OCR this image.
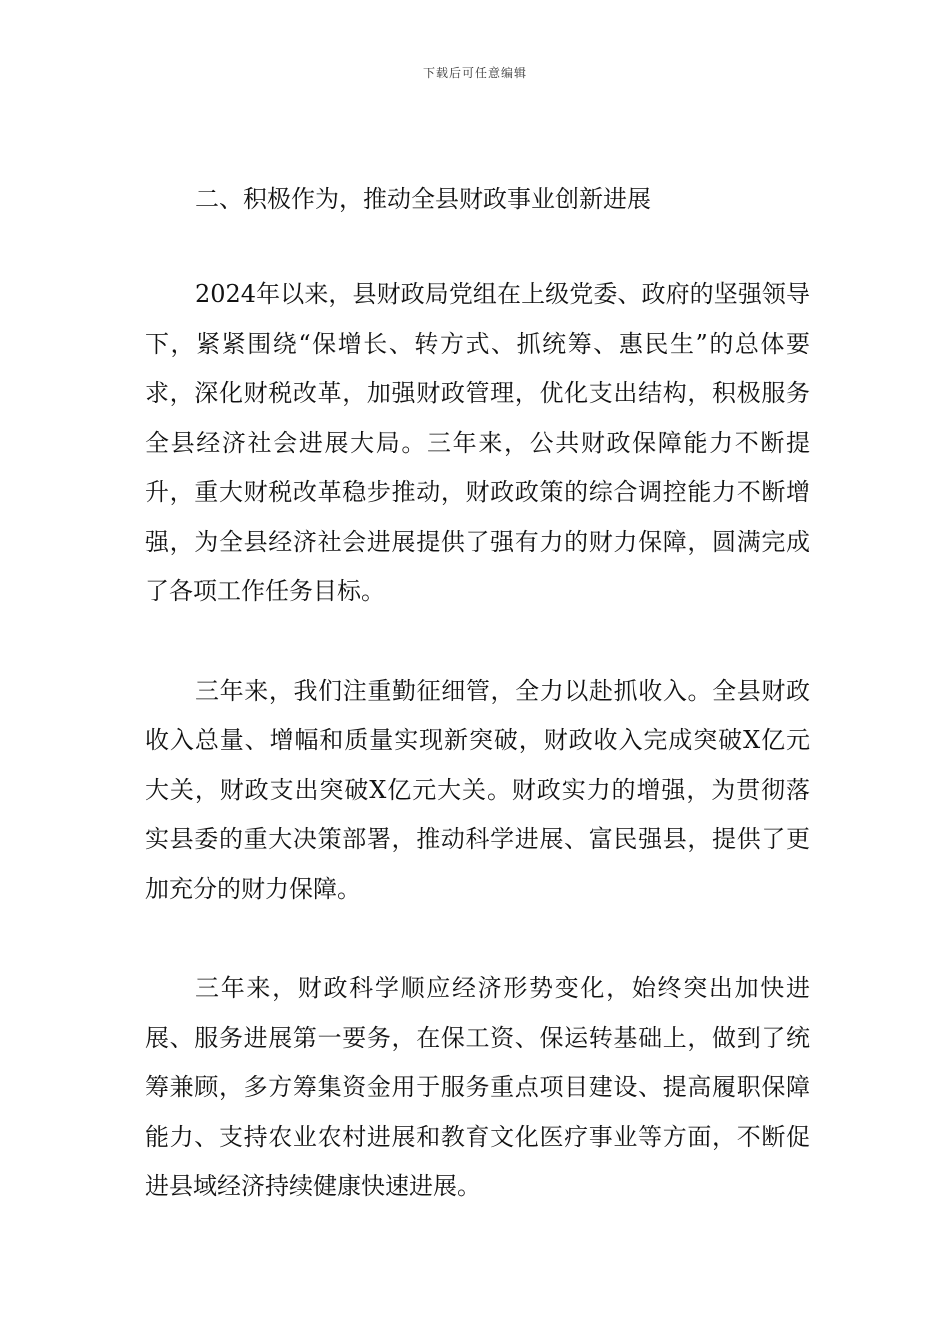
下载后可任意编辑
二、积极作为，推动全县财政事业创新进展

2024年以来，县财政局党组在上级党委、政府的坚强领导下，紧紧围绕“保增长、转方式、抓统筹、惠民生”的总体要求，深化财税改革，加强财政管理，优化支出结构，积极服务全县经济社会进展大局。三年来，公共财政保障能力不断提升，重大财税改革稳步推动，财政政策的综合调控能力不断增强，为全县经济社会进展提供了强有力的财力保障，圆满完成了各项工作任务目标。

三年来，我们注重勤征细管，全力以赴抓收入。全县财政收入总量、增幅和质量实现新突破，财政收入完成突破X亿元大关，财政支出突破X亿元大关。财政实力的增强，为贯彻落实县委的重大决策部署，推动科学进展、富民强县，提供了更加充分的财力保障。

三年来，财政科学顺应经济形势变化，始终突出加快进展、服务进展第一要务，在保工资、保运转基础上，做到了统筹兼顾，多方筹集资金用于服务重点项目建设、提高履职保障能力、支持农业农村进展和教育文化医疗事业等方面，不断促进县域经济持续健康快速进展。
